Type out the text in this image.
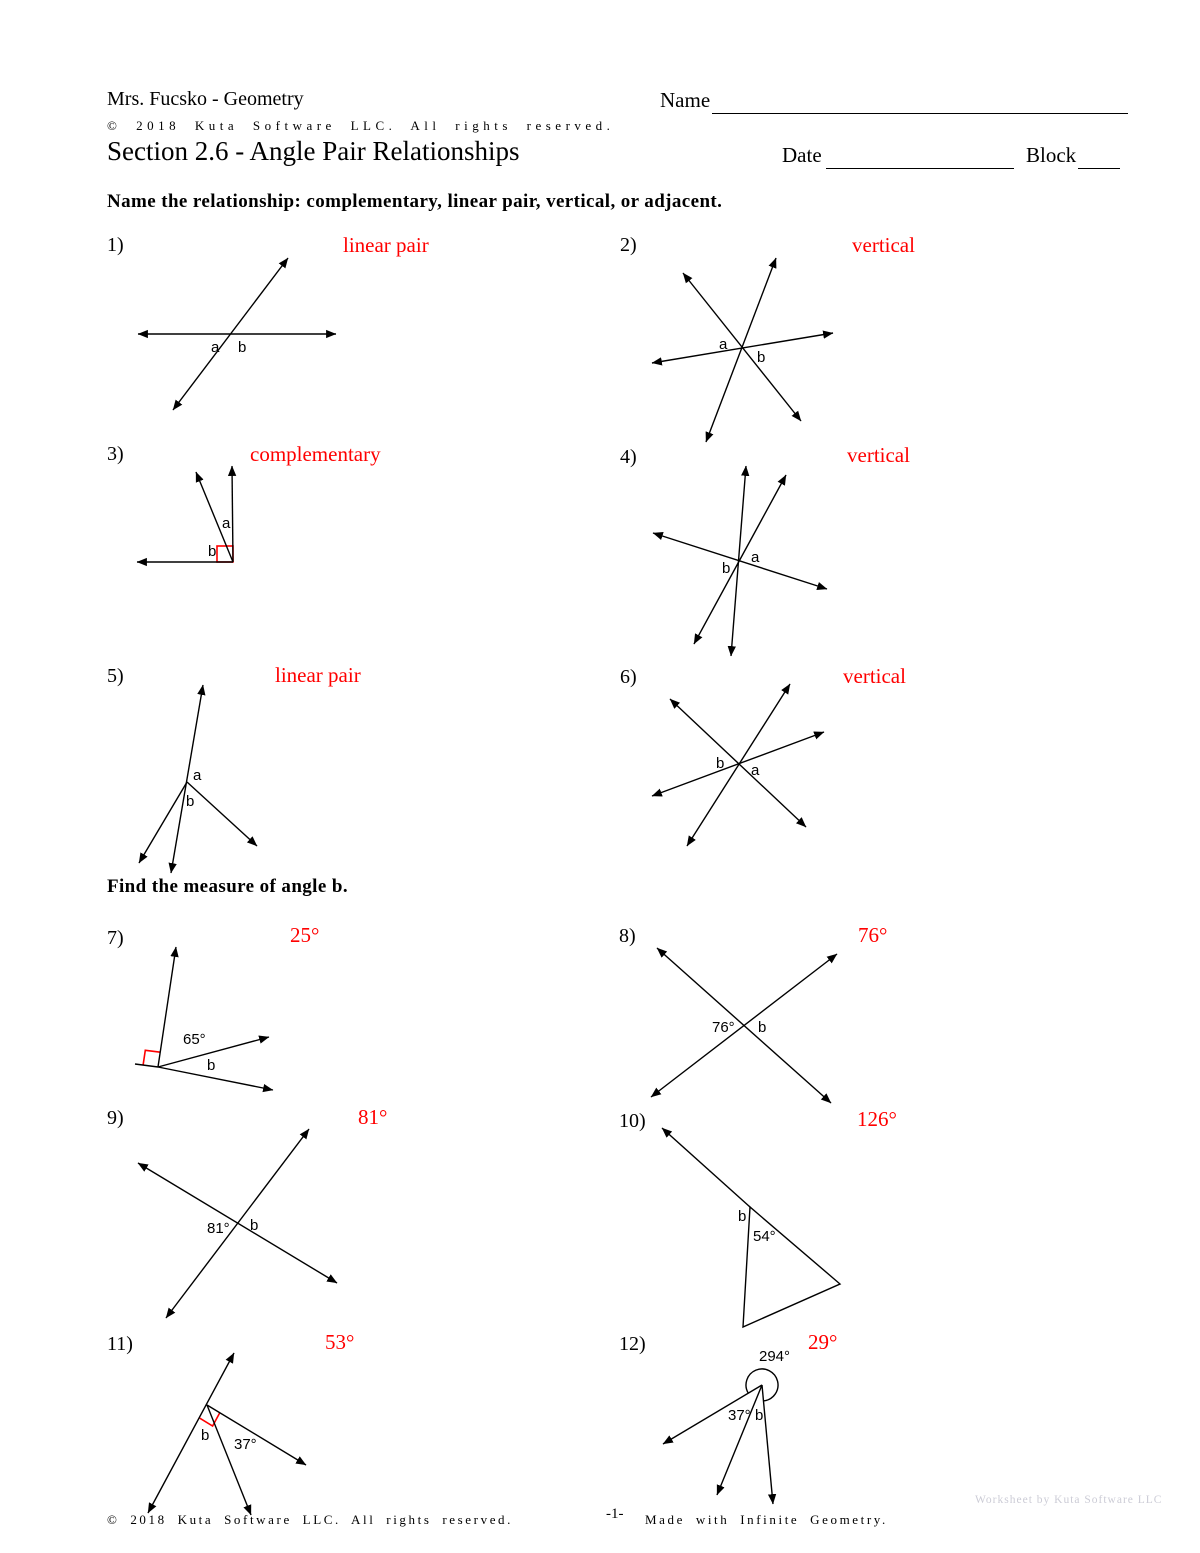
Mrs. Fucsko - Geometry	Name
© 2018 Kuta Software LLC. All rights reserved.
Section 2.6 - Angle Pair Relationships	Date	Block
Name the relationship: complementary, linear pair, vertical, or adjacent.
Find the measure of angle b.
1)	2)
3)	4)
5)	6)
7)	8)
9)	10)
11)	12)
linear pair	vertical
complementary	vertical
linear pair	vertical
25°	76°
81°	126°
53°	29°
a b	a
b
a
b
b
a
a
b
b a
65°
b
76° b
81° b
b
54°
b
37°
294°
37° b
© 2018 Kuta Software LLC. All rights reserved.	-1- Made with Infinite Geometry.
Worksheet by Kuta Software LLC
